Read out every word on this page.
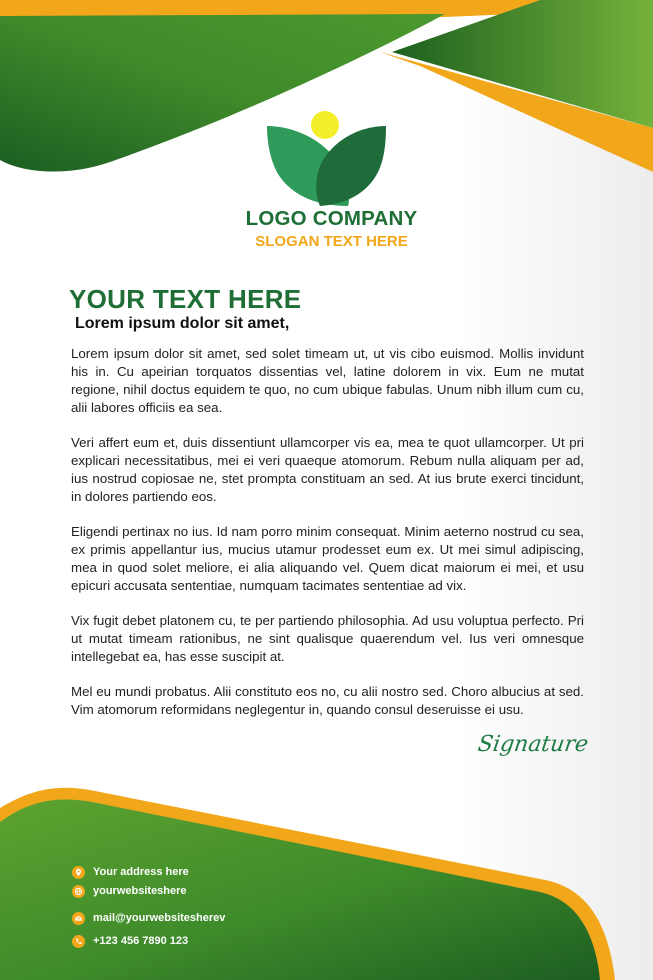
LOGO COMPANY
SLOGAN TEXT HERE
YOUR TEXT HERE
Lorem ipsum dolor sit amet,

Lorem ipsum dolor sit amet, sed solet timeam ut, ut vis cibo euismod. Mollis invidunt his in. Cu apeirian torquatos dissentias vel, latine dolorem in vix. Eum ne mutat regione, nihil doctus equidem te quo, no cum ubique fabulas. Unum nibh illum cum cu, alii labores officiis ea sea.

Veri affert eum et, duis dissentiunt ullamcorper vis ea, mea te quot ullamcorper. Ut pri explicari necessitatibus, mei ei veri quaeque atomorum. Rebum nulla aliquam per ad, ius nostrud copiosae ne, stet prompta constituam an sed. At ius brute exerci tincidunt, in dolores partiendo eos.

Eligendi pertinax no ius. Id nam porro minim consequat. Minim aeterno nostrud cu sea, ex primis appellantur ius, mucius utamur prodesset eum ex. Ut mei simul adipiscing, mea in quod solet meliore, ei alia aliquando vel. Quem dicat maiorum ei mei, et usu epicuri accusata sententiae, numquam tacimates sententiae ad vix.

Vix fugit debet platonem cu, te per partiendo philosophia. Ad usu voluptua perfecto. Pri ut mutat timeam rationibus, ne sint qualisque quaerendum vel. Ius veri omnesque intellegebat ea, has esse suscipit at.

Mel eu mundi probatus. Alii constituto eos no, cu alii nostro sed. Choro albucius at sed. Vim atomorum reformidans neglegentur in, quando consul deseruisse ei usu.

Signature
Your address here
yourwebsiteshere
mail@yourwebsitesherev
+123 456 7890 123
